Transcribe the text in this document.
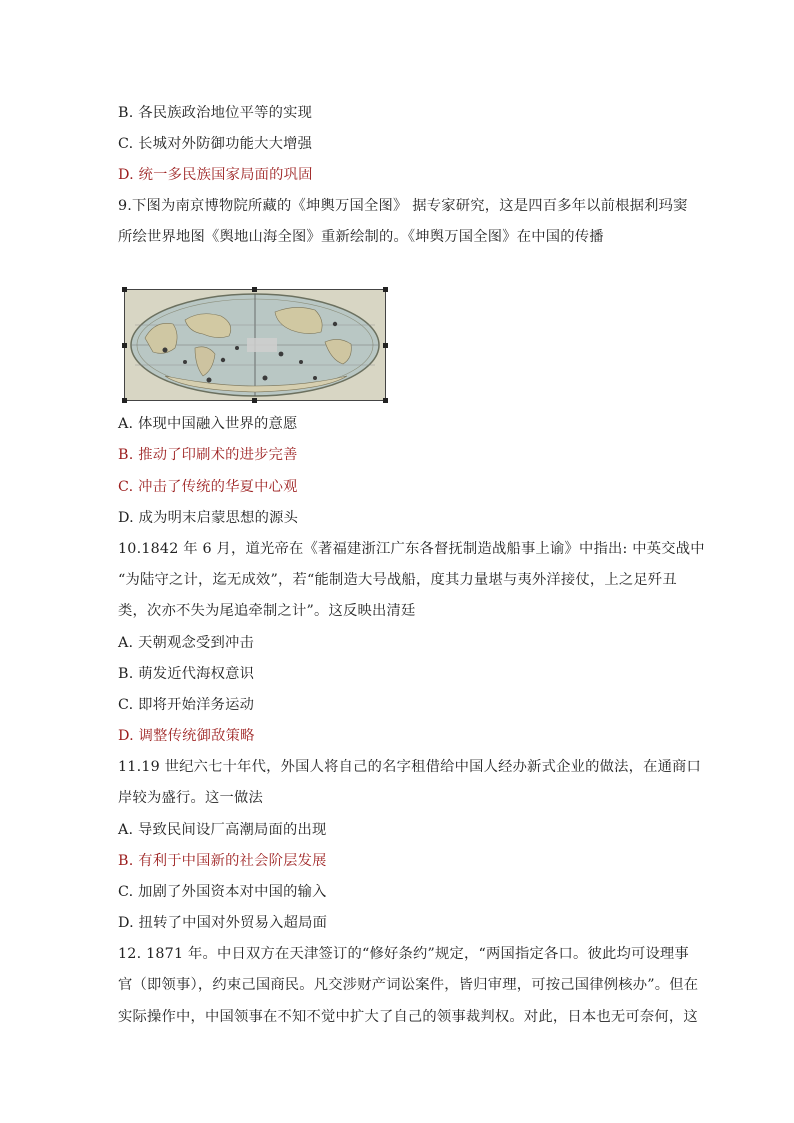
B. 各民族政治地位平等的实现
C. 长城对外防御功能大大增强
D. 统一多民族国家局面的巩固
9.下图为南京博物院所藏的《坤輿万国全图》 据专家研究，这是四百多年以前根据利玛窦
所绘世界地图《舆地山海全图》重新绘制的。《坤舆万国全图》在中国的传播
A. 体现中国融入世界的意愿
B. 推动了印刷术的进步完善
C. 冲击了传统的华夏中心观
D. 成为明末启蒙思想的源头
10.1842 年 6 月，道光帝在《著福建浙江广东各督抚制造战船事上谕》中指出: 中英交战中
“为陆守之计，迄无成效”，若“能制造大号战船，度其力量堪与夷外洋接仗，上之足歼丑
类，次亦不失为尾追牵制之计”。这反映出清廷
A. 天朝观念受到冲击
B. 萌发近代海权意识
C. 即将开始洋务运动
D. 调整传统御敌策略
11.19 世纪六七十年代，外国人将自己的名字租借给中国人经办新式企业的做法，在通商口
岸较为盛行。这一做法
A. 导致民间设厂高潮局面的出现
B. 有利于中国新的社会阶层发展
C. 加剧了外国资本对中国的输入
D. 扭转了中国对外贸易入超局面
12. 1871 年。中日双方在天津签订的“修好条约”规定，“两国指定各口。彼此均可设理事
官（即领事），约束己国商民。凡交涉财产词讼案件，皆归审理，可按己国律例核办”。但在
实际操作中，中国领事在不知不觉中扩大了自己的领事裁判权。对此，日本也无可奈何，这
